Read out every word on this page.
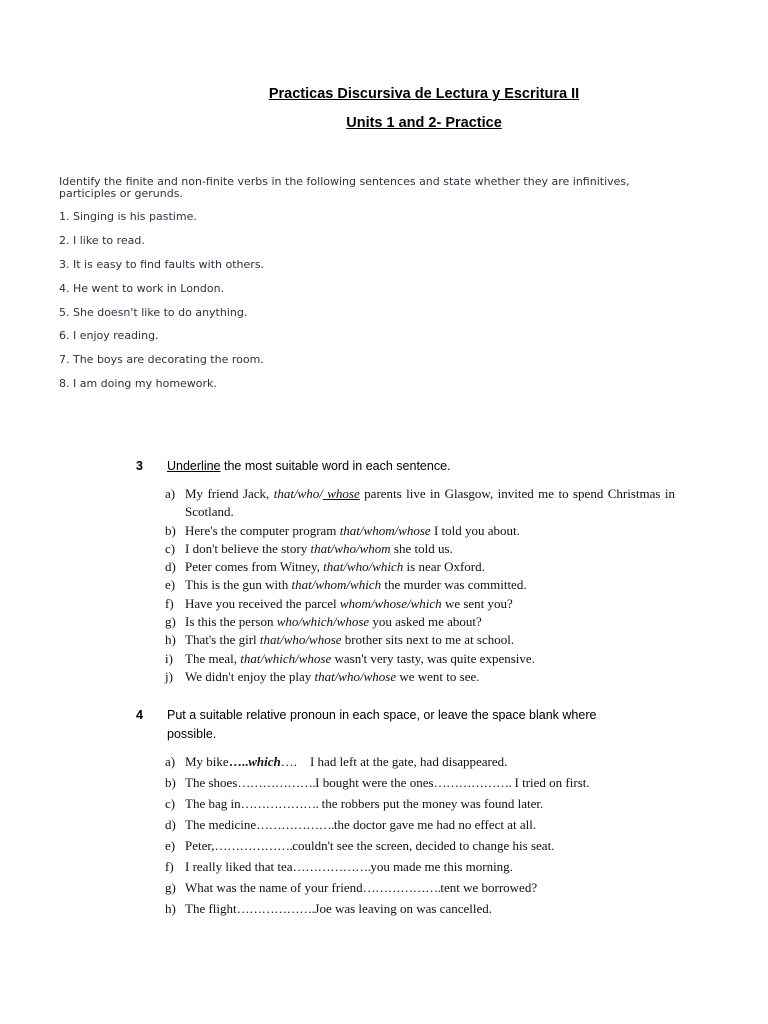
Practicas Discursiva de Lectura y Escritura II
Units 1 and 2- Practice
Identify the finite and non-finite verbs in the following sentences and state whether they are infinitives, participles or gerunds.
1. Singing is his pastime.
2. I like to read.
3. It is easy to find faults with others.
4. He went to work in London.
5. She doesn't like to do anything.
6. I enjoy reading.
7. The boys are decorating the room.
8. I am doing my homework.
3 Underline the most suitable word in each sentence.
a) My friend Jack, that/who/ whose parents live in Glasgow, invited me to spend Christmas in Scotland.
b) Here's the computer program that/whom/whose I told you about.
c) I don't believe the story that/who/whom she told us.
d) Peter comes from Witney, that/who/which is near Oxford.
e) This is the gun with that/whom/which the murder was committed.
f) Have you received the parcel whom/whose/which we sent you?
g) Is this the person who/which/whose you asked me about?
h) That's the girl that/who/whose brother sits next to me at school.
i) The meal, that/which/whose wasn't very tasty, was quite expensive.
j) We didn't enjoy the play that/who/whose we went to see.
4 Put a suitable relative pronoun in each space, or leave the space blank where
possible.
a) My bike…..which….    I had left at the gate, had disappeared.
b) The shoes……………….I bought were the ones………………. I tried on first.
c) The bag in………………. the robbers put the money was found later.
d) The medicine……………….the doctor gave me had no effect at all.
e) Peter,……………….couldn't see the screen, decided to change his seat.
f) I really liked that tea……………….you made me this morning.
g) What was the name of your friend……………….tent we borrowed?
h) The flight……………….Joe was leaving on was cancelled.
